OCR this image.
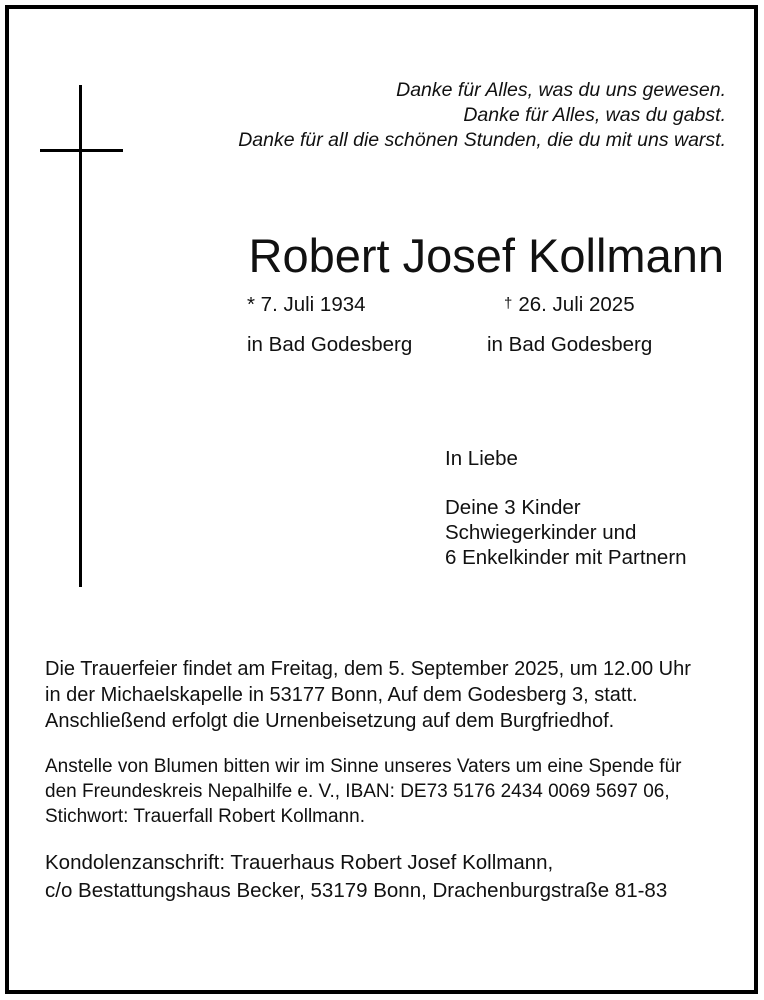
Danke für Alles, was du uns gewesen.
Danke für Alles, was du gabst.
Danke für all die schönen Stunden, die du mit uns warst.
Robert Josef Kollmann
* 7. Juli 1934
in Bad Godesberg
† 26. Juli 2025
in Bad Godesberg
In Liebe
Deine 3 Kinder
Schwiegerkinder und
6 Enkelkinder mit Partnern

Die Trauerfeier findet am Freitag, dem 5. September 2025, um 12.00 Uhr

in der Michaelskapelle in 53177 Bonn, Auf dem Godesberg 3, statt.

Anschließend erfolgt die Urnenbeisetzung auf dem Burgfriedhof.

Anstelle von Blumen bitten wir im Sinne unseres Vaters um eine Spende für

den Freundeskreis Nepalhilfe e. V., IBAN: DE73 5176 2434 0069 5697 06,

Stichwort: Trauerfall Robert Kollmann.

Kondolenzanschrift: Trauerhaus Robert Josef Kollmann,

c/o Bestattungshaus Becker, 53179 Bonn, Drachenburgstraße 81-83
